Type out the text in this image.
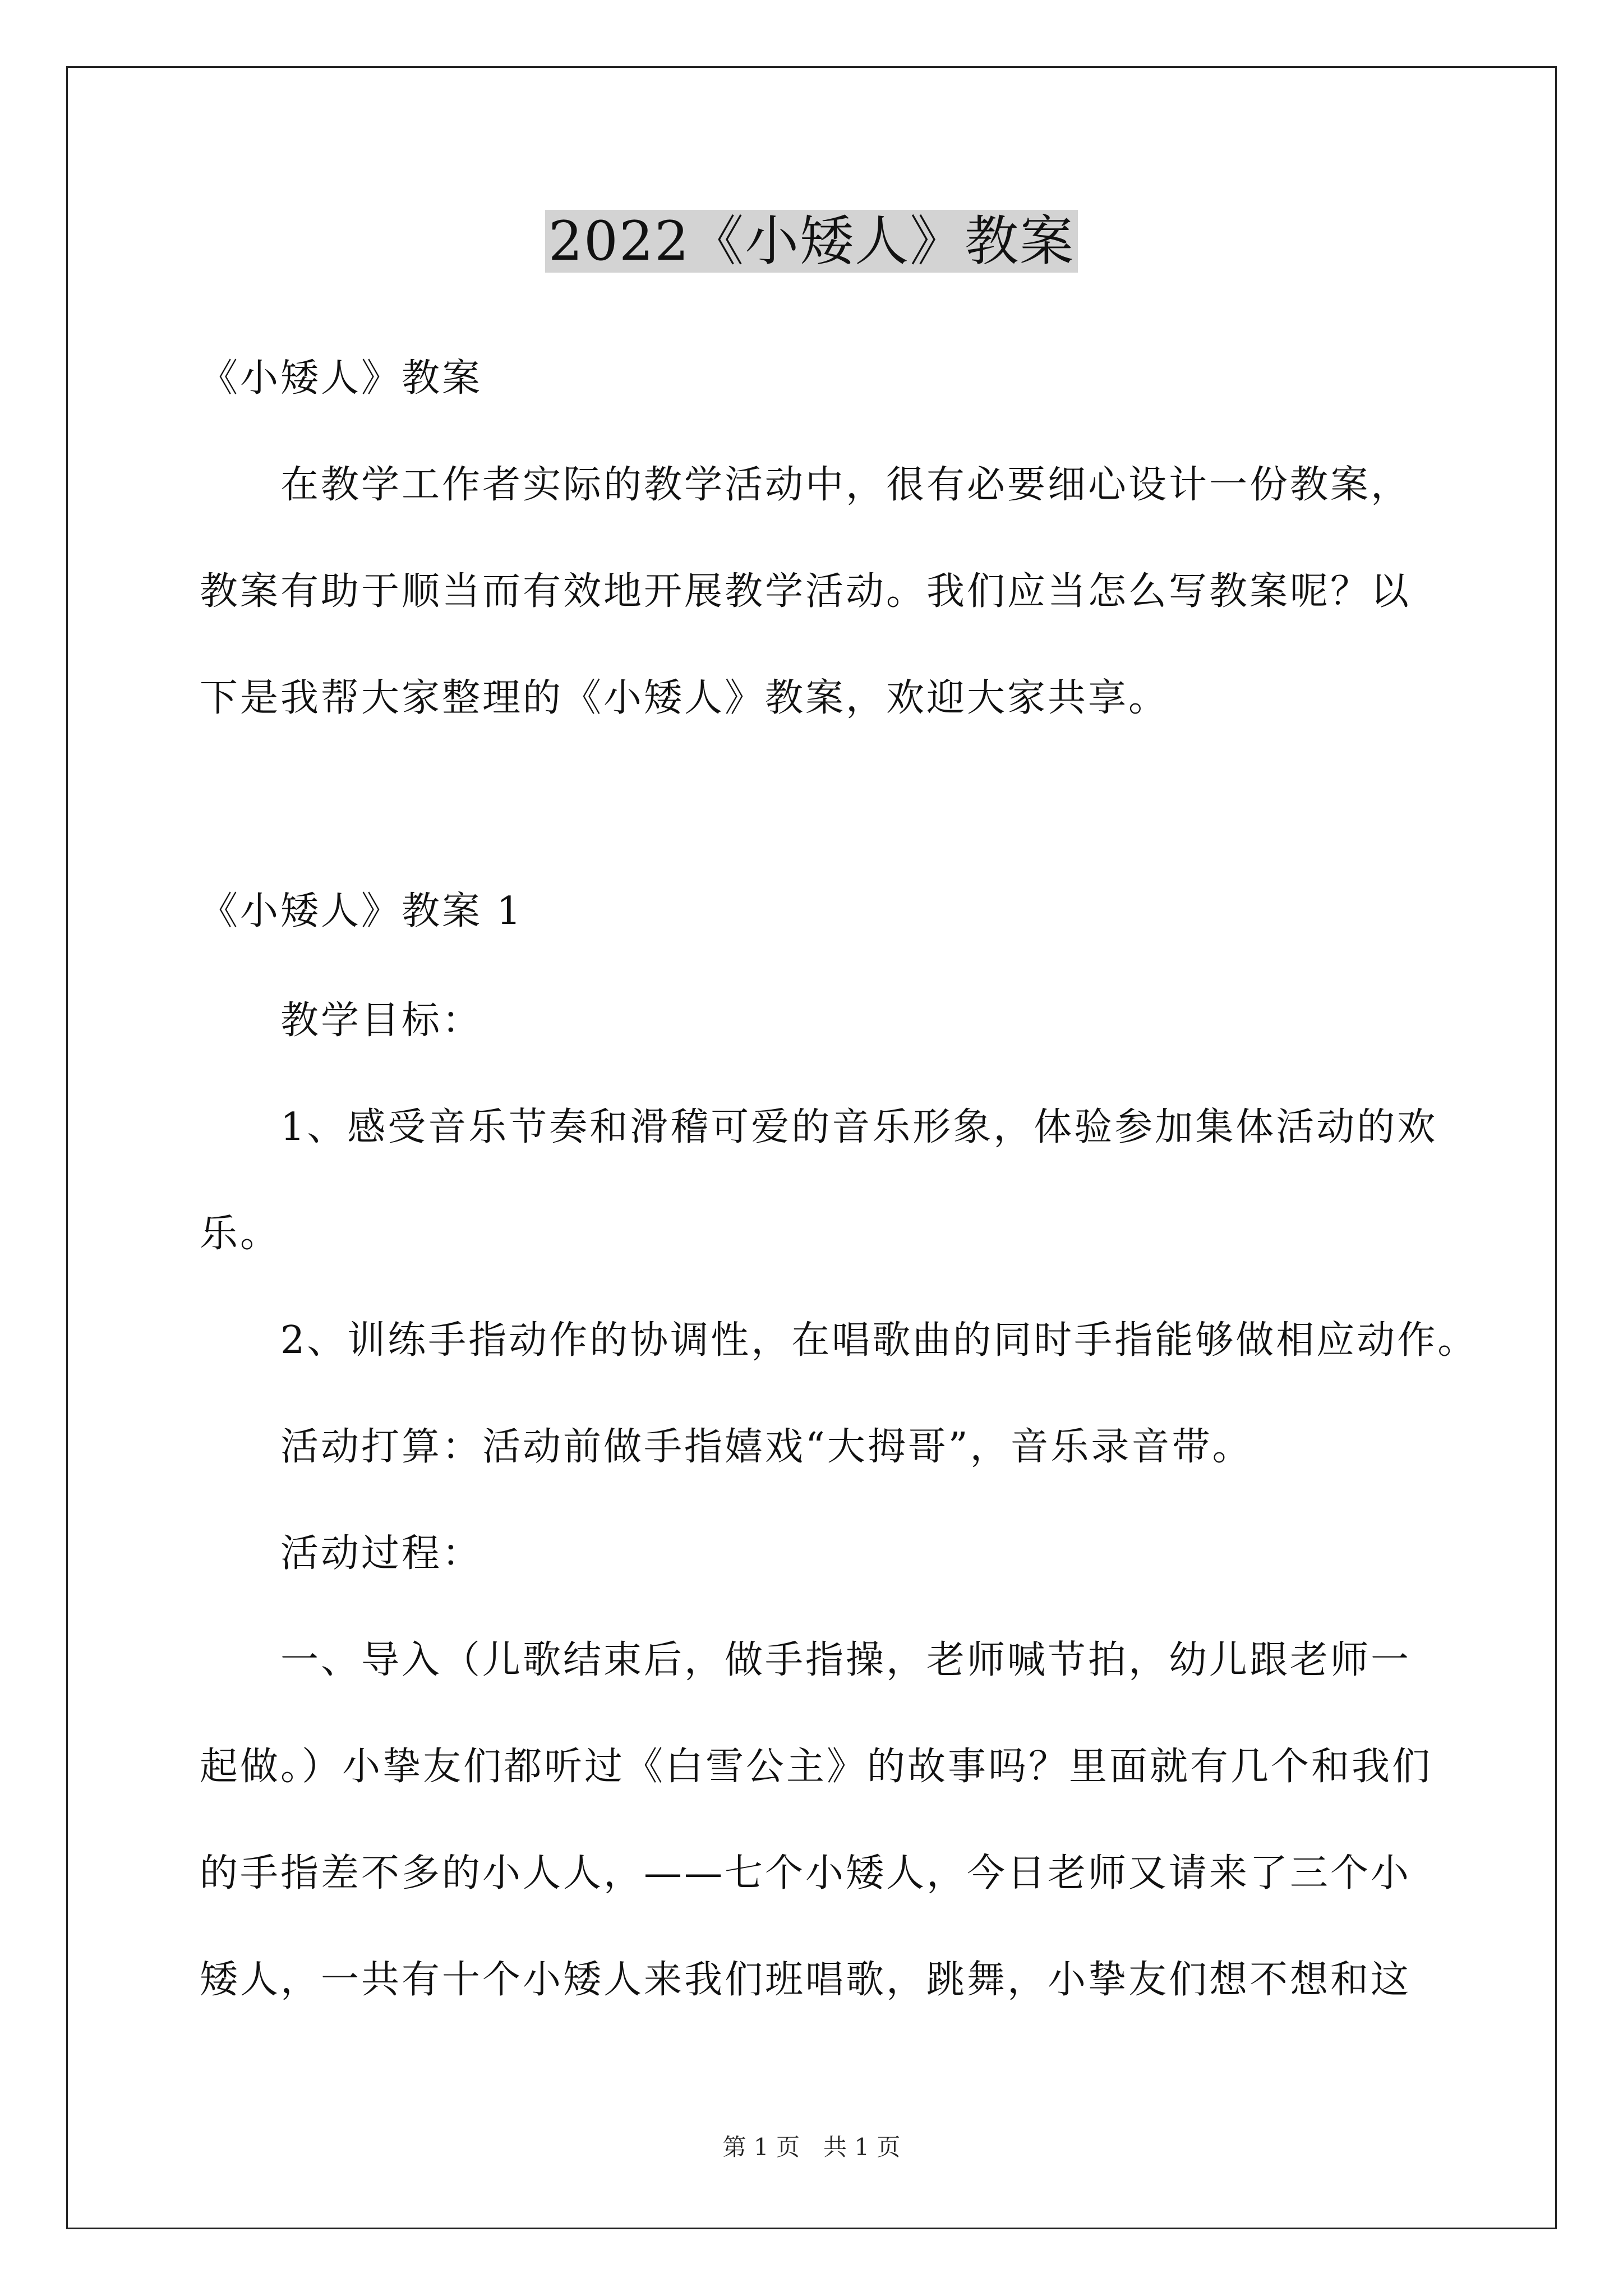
2022《小矮人》教案
《小矮人》教案
在教学工作者实际的教学活动中，很有必要细心设计一份教案，
教案有助于顺当而有效地开展教学活动。我们应当怎么写教案呢？以
下是我帮大家整理的《小矮人》教案，欢迎大家共享。
《小矮人》教案 1
教学目标：
1、感受音乐节奏和滑稽可爱的音乐形象，体验参加集体活动的欢
乐。
2、训练手指动作的协调性，在唱歌曲的同时手指能够做相应动作。
活动打算：活动前做手指嬉戏“大拇哥”，音乐录音带。
活动过程：
一、导入（儿歌结束后，做手指操，老师喊节拍，幼儿跟老师一
起做。）小挚友们都听过《白雪公主》的故事吗？里面就有几个和我们
的手指差不多的小人人，——七个小矮人，今日老师又请来了三个小
矮人，一共有十个小矮人来我们班唱歌，跳舞，小挚友们想不想和这
第 1 页　共 1 页
